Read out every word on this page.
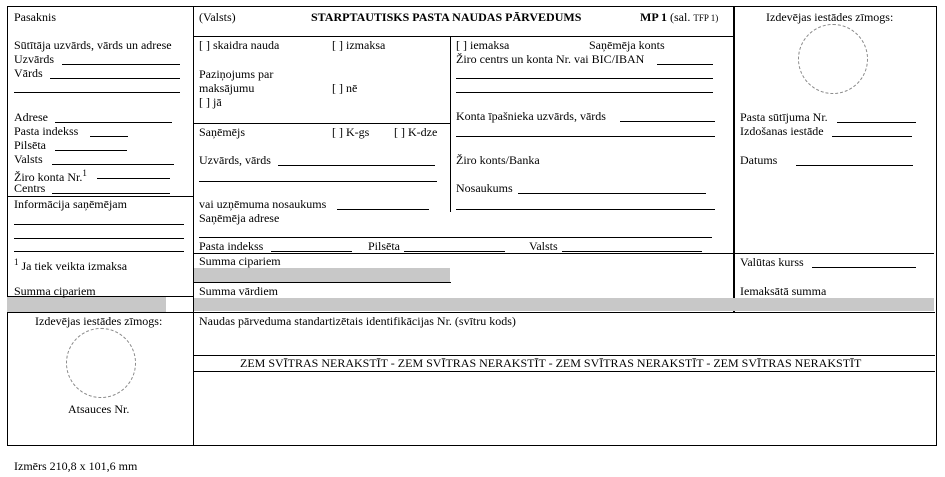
Pasaknis
Sūtītāja uzvārds, vārds un adrese
Uzvārds
Vārds
Adrese
Pasta indekss
Pilsēta
Valsts
Žiro konta Nr.$^1$
Centrs
Informācija saņēmējam
$^1$ Ja tiek veikta izmaksa
Summa cipariem
Izdevējas iestādes zīmogs:
Atsauces Nr.
(Valsts)	STARPTAUTISKS PASTA NAUDAS PĀRVEDUMS	MP 1 (sal. TFP 1)
[ ] skaidra nauda	[ ] izmaksa
Paziņojums par
maksājumu	[ ] nē
[ ] jā
[ ] iemaksa	Saņēmēja konts
Žiro centrs un konta Nr. vai BIC/IBAN
Saņēmējs	[ ] K-gs [ ] K-dze
Uzvārds, vārds
vai uzņēmuma nosaukums
Saņēmēja adrese
Konta īpašnieka uzvārds, vārds
Žiro konts/Banka
Nosaukums
Pasta indekss	Pilsēta	Valsts
Summa cipariem
Summa vārdiem
Naudas pārveduma standartizētais identifikācijas Nr. (svītru kods)
ZEM SVĪTRAS NERAKSTĪT - ZEM SVĪTRAS NERAKSTĪT - ZEM SVĪTRAS NERAKSTĪT - ZEM SVĪTRAS NERAKSTĪT
Izdevējas iestādes zīmogs:
Pasta sūtījuma Nr.
Izdošanas iestāde
Datums
Valūtas kurss
Iemaksātā summa
Izmērs 210,8 x 101,6 mm
